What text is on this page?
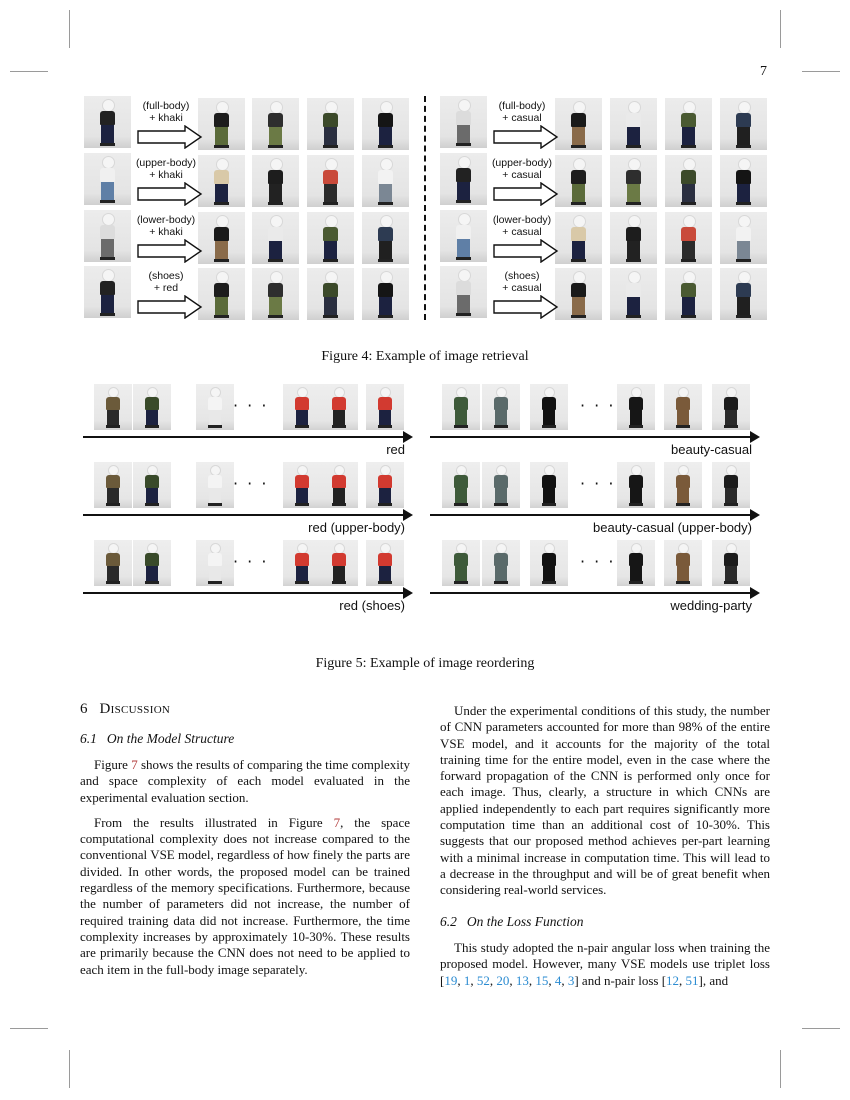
7
(full-body)
+ khaki
(full-body)
+ casual
(upper-body)
+ khaki
(upper-body)
+ casual
(lower-body)
+ khaki
(lower-body)
+ casual
(shoes)
+ red
(shoes)
+ casual
Figure 4: Example of image retrieval
· · ·	· · ·
red	beauty-casual
· · ·	· · ·
red (upper-body)	beauty-casual (upper-body)
· · ·	· · ·
red (shoes)	wedding-party
Figure 5: Example of image reordering
6 Discussion
6.1 On the Model Structure

Figure 7 shows the results of comparing the time complexity and space complexity of each model evaluated in the experimental evaluation section.

From the results illustrated in Figure 7, the space computational complexity does not increase compared to the conventional VSE model, regardless of how finely the parts are divided. In other words, the proposed model can be trained regardless of the memory specifications. Furthermore, because the number of parameters did not increase, the number of required training data did not increase. Furthermore, the time complexity increases by approximately 10-30%. These results are primarily because the CNN does not need to be applied to each item in the full-body image separately.

Under the experimental conditions of this study, the number of CNN parameters accounted for more than 98% of the entire VSE model, and it accounts for the majority of the total training time for the entire model, even in the case where the forward propagation of the CNN is performed only once for each image. Thus, clearly, a structure in which CNNs are applied independently to each part requires significantly more computation time than an additional cost of 10-30%. This suggests that our proposed method achieves per-part learning with a minimal increase in computation time. This will lead to a decrease in the throughput and will be of great benefit when considering real-world services.

6.2 On the Loss Function

This study adopted the n-pair angular loss when training the proposed model. However, many VSE models use triplet loss [19, 1, 52, 20, 13, 15, 4, 3] and n-pair loss [12, 51], and
